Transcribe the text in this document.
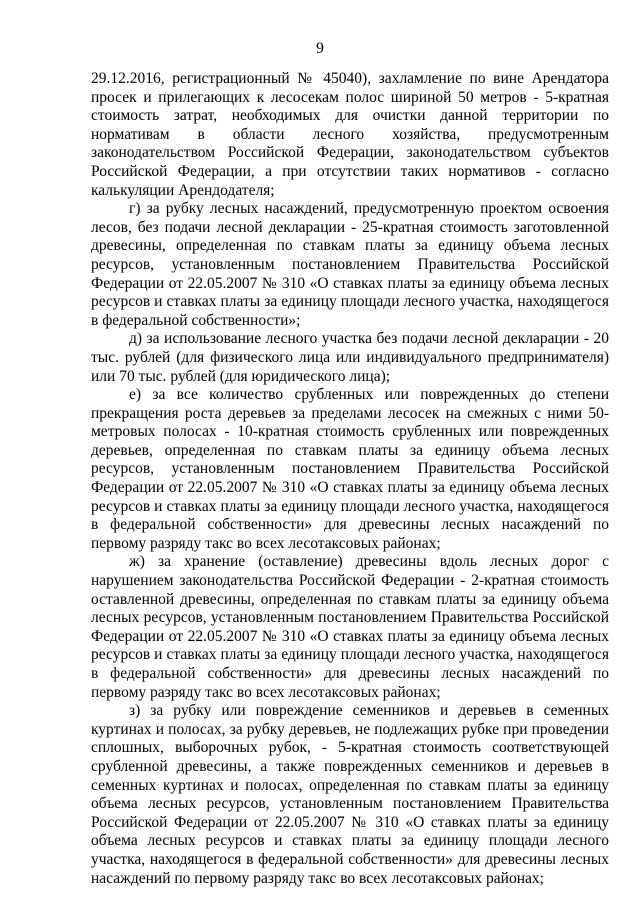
9

29.12.2016, регистрационный № 45040), захламление по вине Арендатора просек и прилегающих к лесосекам полос шириной 50 метров - 5-кратная стоимость затрат, необходимых для очистки данной территории по нормативам в области лесного хозяйства, предусмотренным законодательством Российской Федерации, законодательством субъектов Российской Федерации, а при отсутствии таких нормативов - согласно калькуляции Арендодателя;

г) за рубку лесных насаждений, предусмотренную проектом освоения лесов, без подачи лесной декларации - 25-кратная стоимость заготовленной древесины, определенная по ставкам платы за единицу объема лесных ресурсов, установленным постановлением Правительства Российской Федерации от 22.05.2007 № 310 «О ставках платы за единицу объема лесных ресурсов и ставках платы за единицу площади лесного участка, находящегося в федеральной собственности»;

д) за использование лесного участка без подачи лесной декларации - 20 тыс. рублей (для физического лица или индивидуального предпринимателя) или 70 тыс. рублей (для юридического лица);

е) за все количество срубленных или поврежденных до степени прекращения роста деревьев за пределами лесосек на смежных с ними 50-метровых полосах - 10-кратная стоимость срубленных или поврежденных деревьев, определенная по ставкам платы за единицу объема лесных ресурсов, установленным постановлением Правительства Российской Федерации от 22.05.2007 № 310 «О ставках платы за единицу объема лесных ресурсов и ставках платы за единицу площади лесного участка, находящегося в федеральной собственности» для древесины лесных насаждений по первому разряду такс во всех лесотаксовых районах;

ж) за хранение (оставление) древесины вдоль лесных дорог с нарушением законодательства Российской Федерации - 2-кратная стоимость оставленной древесины, определенная по ставкам платы за единицу объема лесных ресурсов, установленным постановлением Правительства Российской Федерации от 22.05.2007 № 310 «О ставках платы за единицу объема лесных ресурсов и ставках платы за единицу площади лесного участка, находящегося в федеральной собственности» для древесины лесных насаждений по первому разряду такс во всех лесотаксовых районах;

з) за рубку или повреждение семенников и деревьев в семенных куртинах и полосах, за рубку деревьев, не подлежащих рубке при проведении сплошных, выборочных рубок, - 5-кратная стоимость соответствующей срубленной древесины, а также поврежденных семенников и деревьев в семенных куртинах и полосах, определенная по ставкам платы за единицу объема лесных ресурсов, установленным постановлением Правительства Российской Федерации от 22.05.2007 № 310 «О ставках платы за единицу объема лесных ресурсов и ставках платы за единицу площади лесного участка, находящегося в федеральной собственности» для древесины лесных насаждений по первому разряду такс во всех лесотаксовых районах;
